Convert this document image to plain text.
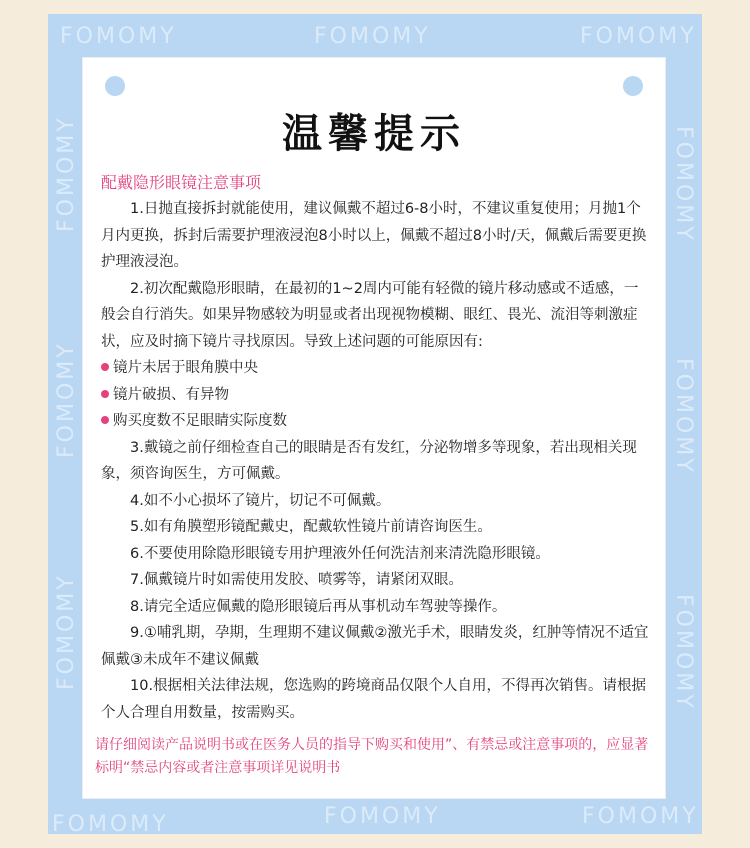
FOMOMY	FOMOMY	FOMOMY
FOMOMY	FOMOMY	FOMOMY
FOMOMY
FOMOMY
FOMOMY
FOMOMY
FOMOMY
FOMOMY
温馨提示
配戴隐形眼镜注意事项

1.日抛直接拆封就能使用，建议佩戴不超过6-8小时，不建议重复使用；月抛1个月内更换，拆封后需要护理液浸泡8小时以上，佩戴不超过8小时/天，佩戴后需要更换护理液浸泡。

2.初次配戴隐形眼睛，在最初的1~2周内可能有轻微的镜片移动感或不适感，一般会自行消失。如果异物感较为明显或者出现视物模糊、眼红、畏光、流泪等刺激症状，应及时摘下镜片寻找原因。导致上述问题的可能原因有:

镜片未居于眼角膜中央

镜片破损、有异物

购买度数不足眼睛实际度数

3.戴镜之前仔细检查自己的眼睛是否有发红，分泌物增多等现象，若出现相关现象，须咨询医生，方可佩戴。

4.如不小心损坏了镜片，切记不可佩戴。

5.如有角膜塑形镜配戴史，配戴软性镜片前请咨询医生。

6.不要使用除隐形眼镜专用护理液外任何洗洁剂来清洗隐形眼镜。

7.佩戴镜片时如需使用发胶、喷雾等，请紧闭双眼。

8.请完全适应佩戴的隐形眼镜后再从事机动车驾驶等操作。

9.①哺乳期，孕期，生理期不建议佩戴②激光手术，眼睛发炎，红肿等情况不适宜佩戴③未成年不建议佩戴

10.根据相关法律法规，您选购的跨境商品仅限个人自用，不得再次销售。请根据个人合理自用数量，按需购买。

请仔细阅读产品说明书或在医务人员的指导下购买和使用”、有禁忌或注意事项的，应显著标明“禁忌内容或者注意事项详见说明书
